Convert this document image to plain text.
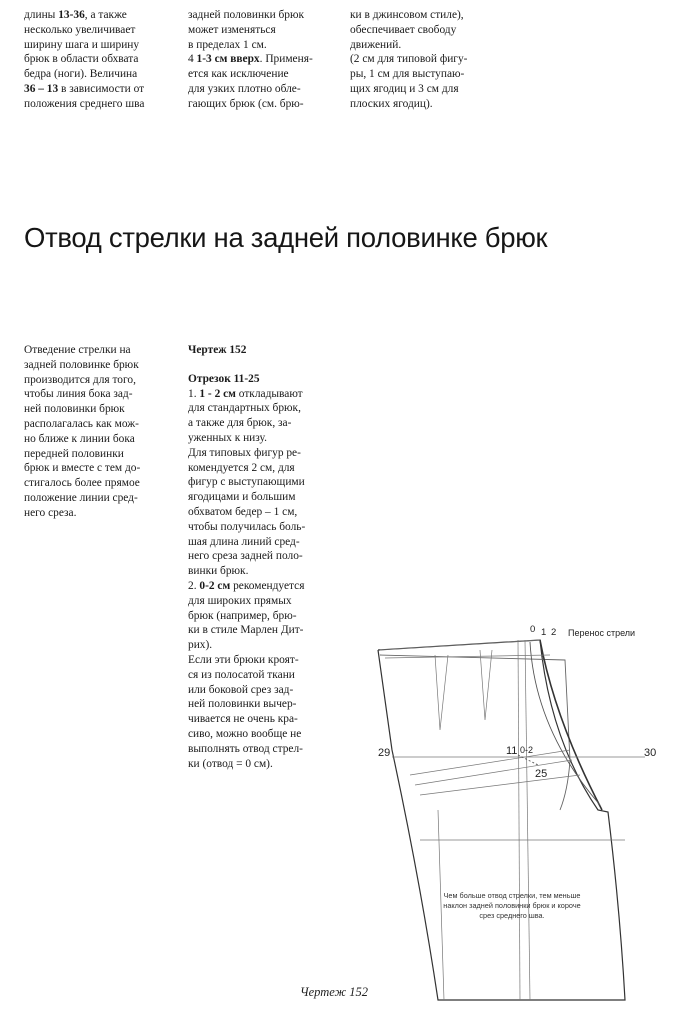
длины 13-36, а также
несколько увеличивает
ширину шага и ширину
брюк в области обхвата
бедра (ноги). Величина
36 – 13 в зависимости от
положения среднего шва
задней половинки брюк
может изменяться
в пределах 1 см.
4 1-3 см вверх. Применя-
ется как исключение
для узких плотно обле-
гающих брюк (см. брю-
ки в джинсовом стиле),
обеспечивает свободу
движений.
(2 см для типовой фигу-
ры, 1 см для выступаю-
щих ягодиц и 3 см для
плоских ягодиц).
Отвод стрелки на задней половинке брюк
Отведение стрелки на
задней половинке брюк
производится для того,
чтобы линия бока зад-
ней половинки брюк
располагалась как мож-
но ближе к линии бока
передней половинки
брюк и вместе с тем до-
стигалось более прямое
положение линии сред-
него среза.
Чертеж 152
Отрезок 11-25
1. 1 - 2 см откладывают
для стандартных брюк,
а также для брюк, за-
уженных к низу.
Для типовых фигур ре-
комендуется 2 см, для
фигур с выступающими
ягодицами и большим
обхватом бедер – 1 см,
чтобы получилась боль-
шая длина линий сред-
него среза задней поло-
винки брюк.
2. 0-2 см рекомендуется
для широких прямых
брюк (например, брю-
ки в стиле Марлен Дит-
рих).
Если эти брюки кроят-
ся из полосатой ткани
или боковой срез зад-
ней половинки вычер-
чивается не очень кра-
сиво, можно вообще не
выполнять отвод стрел-
ки (отвод = 0 см).
0 1 2 Перенос стрели
29	30
11 0-2
25
Чем больше отвод стрелки, тем меньше
наклон задней половинки брюк и короче
срез среднего шва.
Чертеж 152
